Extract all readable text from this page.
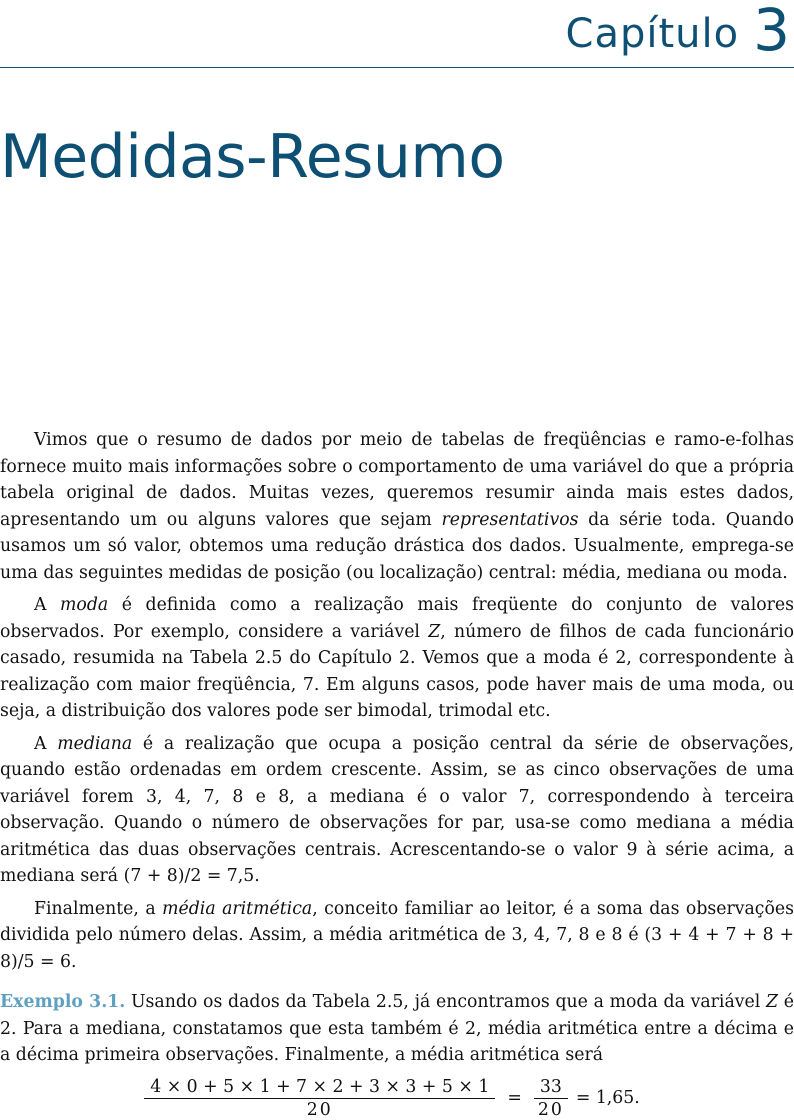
Capítulo 3
Medidas-Resumo

Vimos que o resumo de dados por meio de tabelas de freqüências e ramo-e-folhas fornece muito mais informações sobre o comportamento de uma variável do que a própria tabela original de dados. Muitas vezes, queremos resumir ainda mais estes dados, apresentando um ou alguns valores que sejam representativos da série toda. Quando usamos um só valor, obtemos uma redução drástica dos dados. Usualmente, emprega-se uma das seguintes medidas de posição (ou localização) central: média, mediana ou moda.

A moda é definida como a realização mais freqüente do conjunto de valores observados. Por exemplo, considere a variável Z, número de filhos de cada funcionário casado, resumida na Tabela 2.5 do Capítulo 2. Vemos que a moda é 2, correspondente à realização com maior freqüência, 7. Em alguns casos, pode haver mais de uma moda, ou seja, a distribuição dos valores pode ser bimodal, trimodal etc.

A mediana é a realização que ocupa a posição central da série de observações, quando estão ordenadas em ordem crescente. Assim, se as cinco observações de uma variável forem 3, 4, 7, 8 e 8, a mediana é o valor 7, correspondendo à terceira observação. Quando o número de observações for par, usa-se como mediana a média aritmética das duas observações centrais. Acrescentando-se o valor 9 à série acima, a mediana será (7 + 8)/2 = 7,5.

Finalmente, a média aritmética, conceito familiar ao leitor, é a soma das observações dividida pelo número delas. Assim, a média aritmética de 3, 4, 7, 8 e 8 é (3 + 4 + 7 + 8 + 8)/5 = 6.

Exemplo 3.1. Usando os dados da Tabela 2.5, já encontramos que a moda da variável Z é 2. Para a mediana, constatamos que esta também é 2, média aritmética entre a décima e a décima primeira observações. Finalmente, a média aritmética será

$\frac{4 \times 0 + 5 \times 1 + 7 \times 2 + 3 \times 3 + 5 \times 1}{20} = \frac{33}{20} = 1,65$.
